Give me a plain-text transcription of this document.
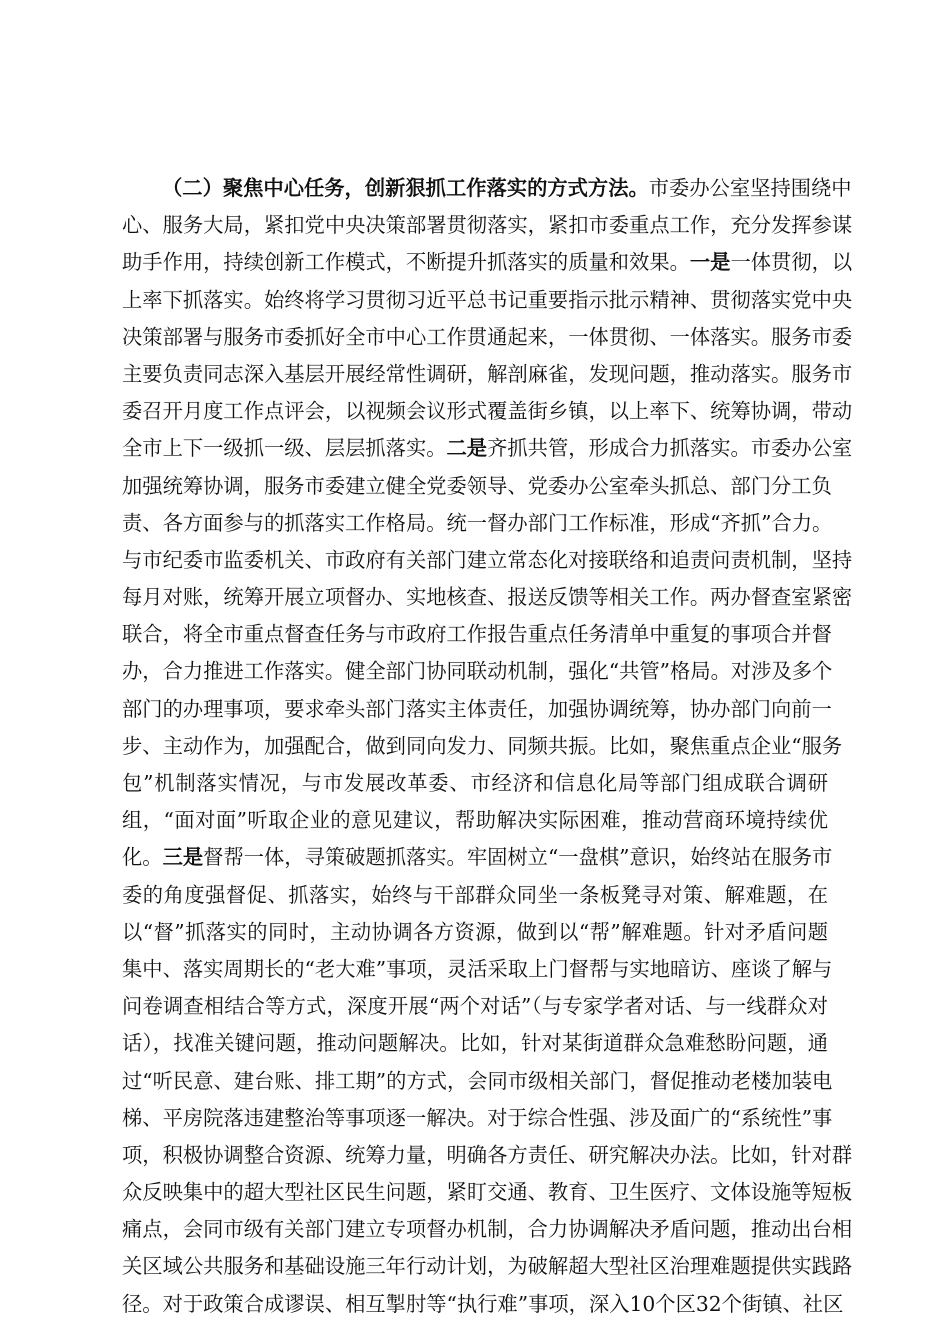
（二）聚焦中心任务，创新狠抓工作落实的方式方法。市委办公室坚持围绕中
心、服务大局，紧扣党中央决策部署贯彻落实，紧扣市委重点工作，充分发挥参谋
助手作用，持续创新工作模式，不断提升抓落实的质量和效果。一是一体贯彻，以
上率下抓落实。始终将学习贯彻习近平总书记重要指示批示精神、贯彻落实党中央
决策部署与服务市委抓好全市中心工作贯通起来，一体贯彻、一体落实。服务市委
主要负责同志深入基层开展经常性调研，解剖麻雀，发现问题，推动落实。服务市
委召开月度工作点评会，以视频会议形式覆盖街乡镇，以上率下、统筹协调，带动
全市上下一级抓一级、层层抓落实。二是齐抓共管，形成合力抓落实。市委办公室
加强统筹协调，服务市委建立健全党委领导、党委办公室牵头抓总、部门分工负
责、各方面参与的抓落实工作格局。统一督办部门工作标准，形成“齐抓”合力。
与市纪委市监委机关、市政府有关部门建立常态化对接联络和追责问责机制，坚持
每月对账，统筹开展立项督办、实地核查、报送反馈等相关工作。两办督查室紧密
联合，将全市重点督查任务与市政府工作报告重点任务清单中重复的事项合并督
办，合力推进工作落实。健全部门协同联动机制，强化“共管”格局。对涉及多个
部门的办理事项，要求牵头部门落实主体责任，加强协调统筹，协办部门向前一
步、主动作为，加强配合，做到同向发力、同频共振。比如，聚焦重点企业“服务
包”机制落实情况，与市发展改革委、市经济和信息化局等部门组成联合调研
组，“面对面”听取企业的意见建议，帮助解决实际困难，推动营商环境持续优
化。三是督帮一体，寻策破题抓落实。牢固树立“一盘棋”意识，始终站在服务市
委的角度强督促、抓落实，始终与干部群众同坐一条板凳寻对策、解难题，在
以“督”抓落实的同时，主动协调各方资源，做到以“帮”解难题。针对矛盾问题
集中、落实周期长的“老大难”事项，灵活采取上门督帮与实地暗访、座谈了解与
问卷调查相结合等方式，深度开展“两个对话”（与专家学者对话、与一线群众对
话），找准关键问题，推动问题解决。比如，针对某街道群众急难愁盼问题，通
过“听民意、建台账、排工期”的方式，会同市级相关部门，督促推动老楼加装电
梯、平房院落违建整治等事项逐一解决。对于综合性强、涉及面广的“系统性”事
项，积极协调整合资源、统筹力量，明确各方责任、研究解决办法。比如，针对群
众反映集中的超大型社区民生问题，紧盯交通、教育、卫生医疗、文体设施等短板
痛点，会同市级有关部门建立专项督办机制，合力协调解决矛盾问题，推动出台相
关区域公共服务和基础设施三年行动计划，为破解超大型社区治理难题提供实践路
径。对于政策合成谬误、相互掣肘等“执行难”事项，深入10个区32个街镇、社区
